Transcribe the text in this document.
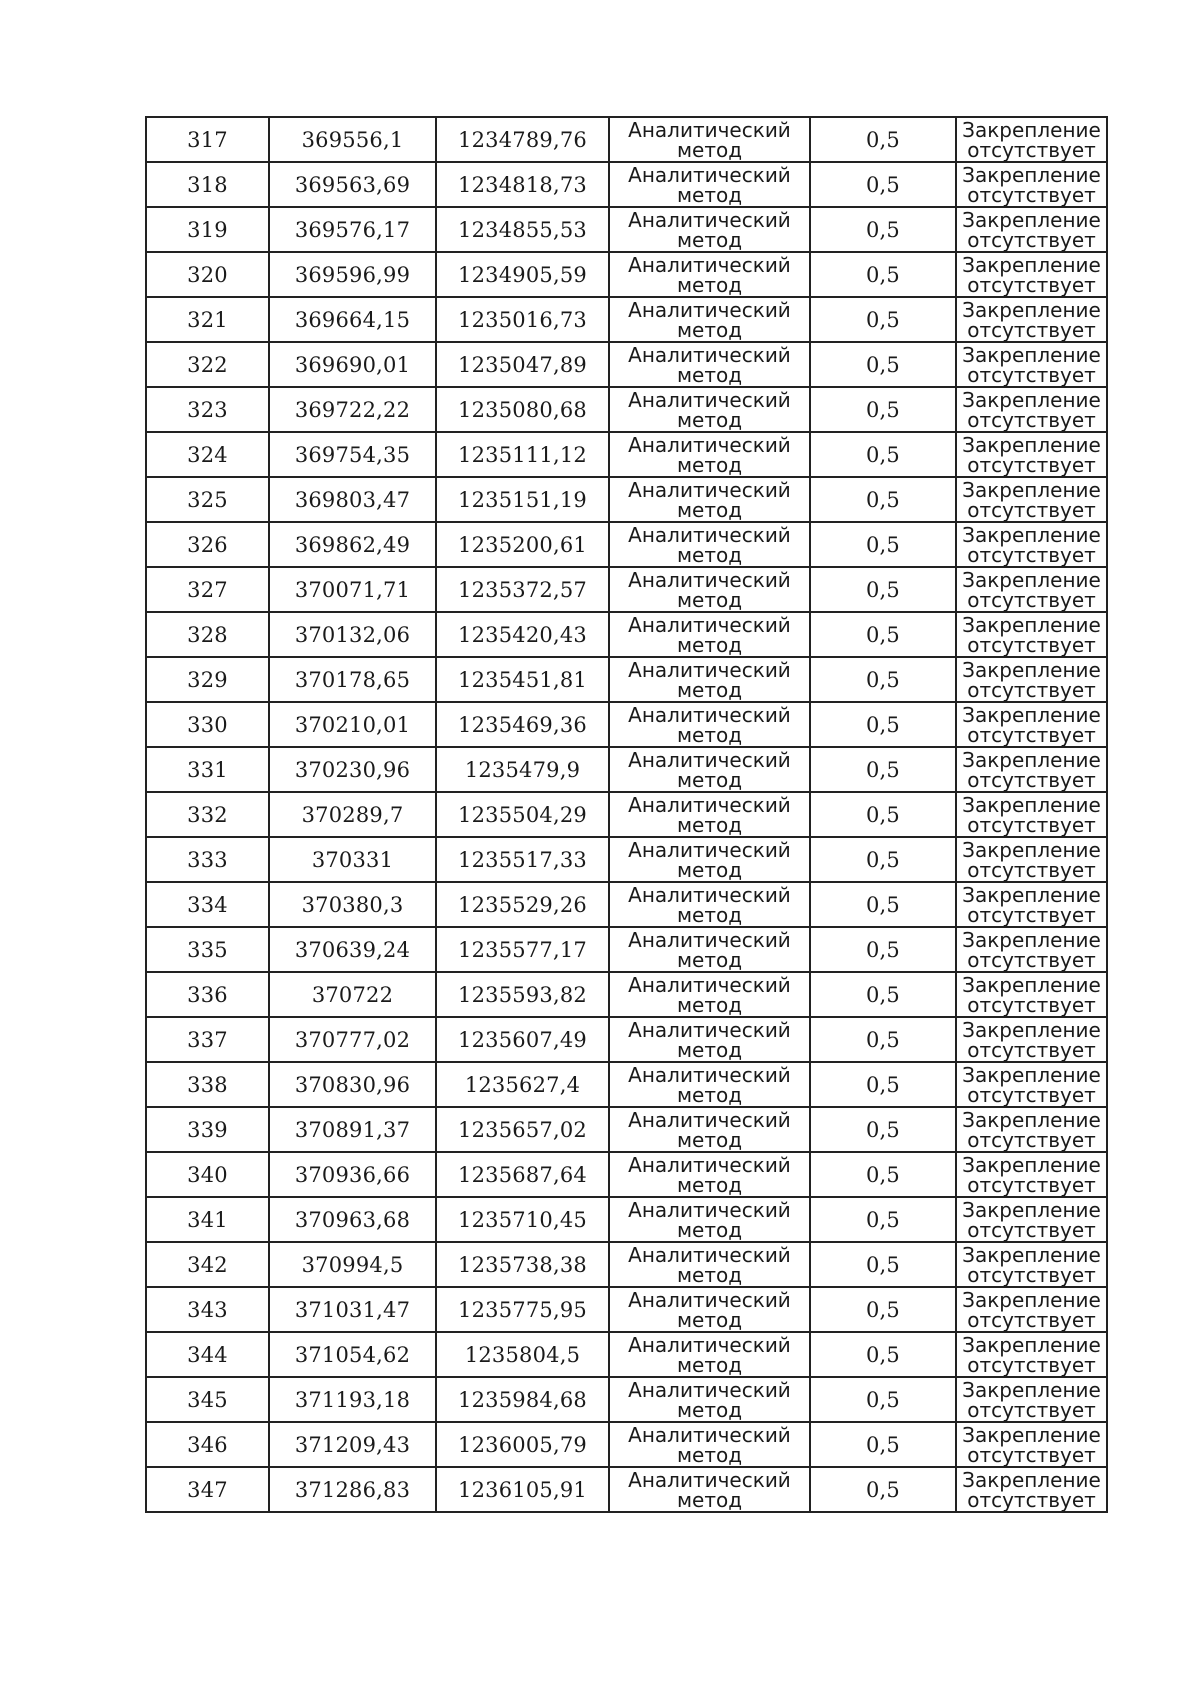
317	369556,1	1234789,76	Аналитический метод	0,5	Закрепление отсутствует

318	369563,69	1234818,73	Аналитический метод	0,5	Закрепление отсутствует

319	369576,17	1234855,53	Аналитический метод	0,5	Закрепление отсутствует

320	369596,99	1234905,59	Аналитический метод	0,5	Закрепление отсутствует

321	369664,15	1235016,73	Аналитический метод	0,5	Закрепление отсутствует

322	369690,01	1235047,89	Аналитический метод	0,5	Закрепление отсутствует

323	369722,22	1235080,68	Аналитический метод	0,5	Закрепление отсутствует

324	369754,35	1235111,12	Аналитический метод	0,5	Закрепление отсутствует

325	369803,47	1235151,19	Аналитический метод	0,5	Закрепление отсутствует

326	369862,49	1235200,61	Аналитический метод	0,5	Закрепление отсутствует

327	370071,71	1235372,57	Аналитический метод	0,5	Закрепление отсутствует

328	370132,06	1235420,43	Аналитический метод	0,5	Закрепление отсутствует

329	370178,65	1235451,81	Аналитический метод	0,5	Закрепление отсутствует

330	370210,01	1235469,36	Аналитический метод	0,5	Закрепление отсутствует

331	370230,96	1235479,9	Аналитический метод	0,5	Закрепление отсутствует

332	370289,7	1235504,29	Аналитический метод	0,5	Закрепление отсутствует

333	370331	1235517,33	Аналитический метод	0,5	Закрепление отсутствует

334	370380,3	1235529,26	Аналитический метод	0,5	Закрепление отсутствует

335	370639,24	1235577,17	Аналитический метод	0,5	Закрепление отсутствует

336	370722	1235593,82	Аналитический метод	0,5	Закрепление отсутствует

337	370777,02	1235607,49	Аналитический метод	0,5	Закрепление отсутствует

338	370830,96	1235627,4	Аналитический метод	0,5	Закрепление отсутствует

339	370891,37	1235657,02	Аналитический метод	0,5	Закрепление отсутствует

340	370936,66	1235687,64	Аналитический метод	0,5	Закрепление отсутствует

341	370963,68	1235710,45	Аналитический метод	0,5	Закрепление отсутствует

342	370994,5	1235738,38	Аналитический метод	0,5	Закрепление отсутствует

343	371031,47	1235775,95	Аналитический метод	0,5	Закрепление отсутствует

344	371054,62	1235804,5	Аналитический метод	0,5	Закрепление отсутствует

345	371193,18	1235984,68	Аналитический метод	0,5	Закрепление отсутствует

346	371209,43	1236005,79	Аналитический метод	0,5	Закрепление отсутствует

347	371286,83	1236105,91	Аналитический метод	0,5	Закрепление отсутствует
